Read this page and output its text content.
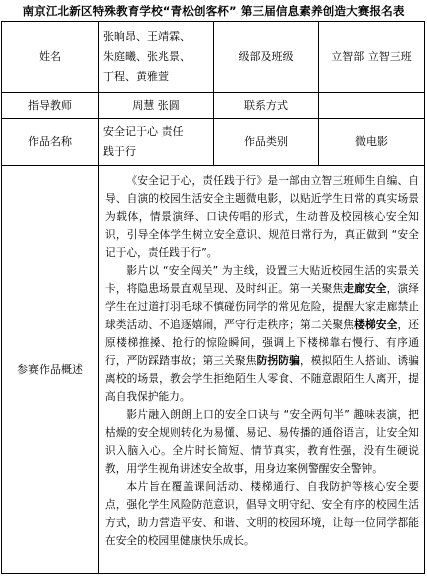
南京江北新区特殊教育学校“青松创客杯” 第三届信息素养创造大赛报名表
姓名	张晌昂、王靖霖、
朱庭曦、张兆景、
丁程、黄雅萱	级部及班级	立智部 立智三班
指导教师	周慧 张圆	联系方式	
作品名称	安全记于心 责任
践于行	作品类别	微电影
参赛作品概述	《安全记于心，责任践于行》是一部由立智三班师生自编、自导、自演的校园生活安全主题微电影，以贴近学生日常的真实场景为载体，情景演绎、口诀传唱的形式，生动普及校园核心安全知识，引导全体学生树立安全意识、规范日常行为，真正做到 “安全记于心，责任践于行”。

影片以 “安全闯关” 为主线，设置三大贴近校园生活的实景关卡，将隐患场景直观呈现、及时纠正。第一关聚焦走廊安全，演绎学生在过道打羽毛球不慎碰伤同学的常见危险，提醒大家走廊禁止球类活动、不追逐嬉闹，严守行走秩序；第二关聚焦楼梯安全，还原楼梯推搡、抢行的惊险瞬间，强调上下楼梯靠右慢行、有序通行，严防踩踏事故；第三关聚焦防拐防骗，模拟陌生人搭讪、诱骗离校的场景，教会学生拒绝陌生人零食、不随意跟陌生人离开，提高自我保护能力。

影片融入朗朗上口的安全口诀与 “安全两句半” 趣味表演，把枯燥的安全规则转化为易懂、易记、易传播的通俗语言，让安全知识入脑入心。全片时长简短、情节真实，教育性强，没有生硬说教，用学生视角讲述安全故事，用身边案例警醒安全警钟。

本片旨在覆盖课间活动、楼梯通行、自我防护等核心安全要点，强化学生风险防范意识，倡导文明守纪、安全有序的校园生活方式，助力营造平安、和谐、文明的校园环境，让每一位同学都能在安全的校园里健康快乐成长。		
